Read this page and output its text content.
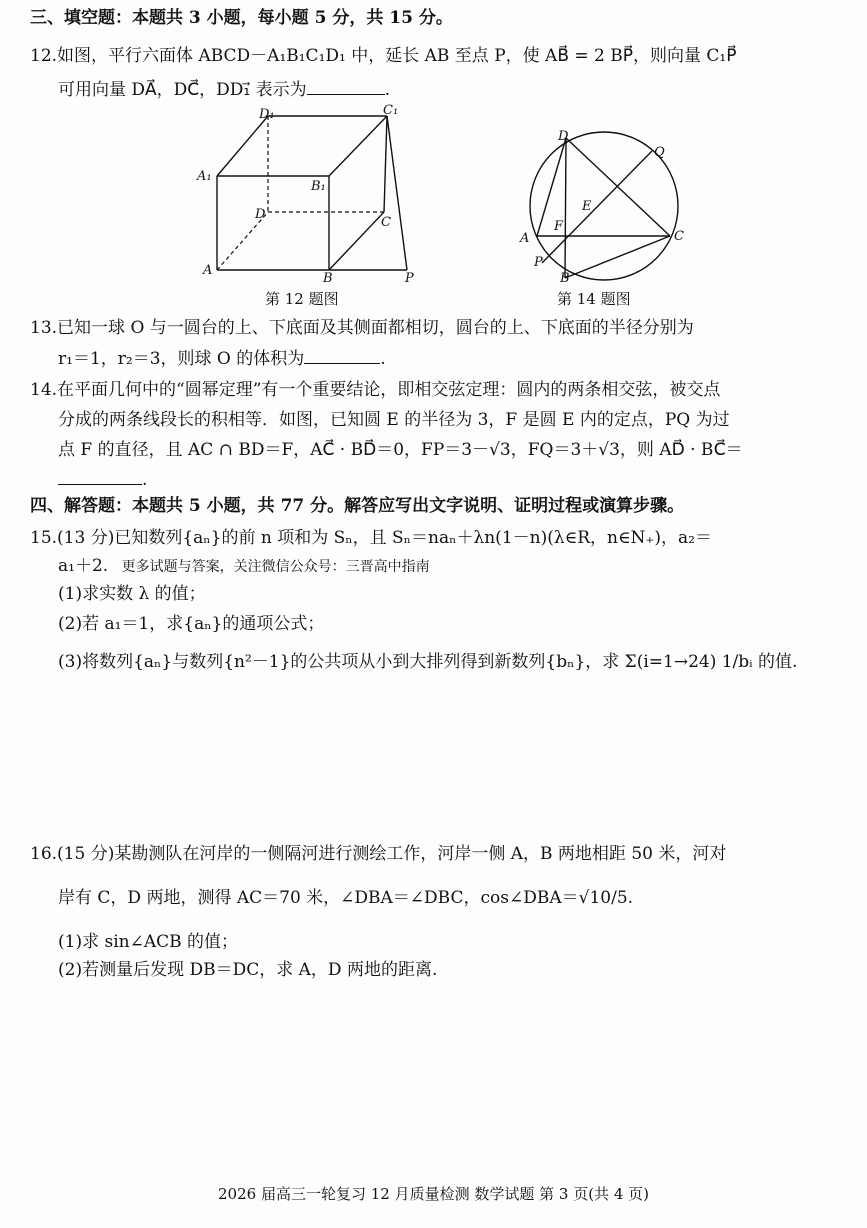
三、填空题：本题共 3 小题，每小题 5 分，共 15 分。
12.如图，平行六面体 ABCD－A₁B₁C₁D₁ 中，延长 AB 至点 P，使 AB⃗ = 2 BP⃗，则向量 C₁P⃗
可用向量 DA⃗，DC⃗，DD₁⃗ 表示为	.
D₁	C₁
A₁
B₁
D
C
A
B	P
第 12 题图
D
Q
E
F
A	C
P
B
第 14 题图
13.已知一球 O 与一圆台的上、下底面及其侧面都相切，圆台的上、下底面的半径分别为
r₁＝1，r₂＝3，则球 O 的体积为	.
14.在平面几何中的“圆幂定理”有一个重要结论，即相交弦定理：圆内的两条相交弦，被交点
分成的两条线段长的积相等．如图，已知圆 E 的半径为 3，F 是圆 E 内的定点，PQ 为过
点 F 的直径，且 AC ∩ BD＝F，AC⃗ · BD⃗＝0，FP＝3－√3，FQ＝3＋√3，则 AD⃗ · BC⃗＝
.
四、解答题：本题共 5 小题，共 77 分。解答应写出文字说明、证明过程或演算步骤。
15.(13 分)已知数列{aₙ}的前 n 项和为 Sₙ，且 Sₙ＝naₙ＋λn(1－n)(λ∈R，n∈N₊)，a₂＝
a₁＋2. 更多试题与答案，关注微信公众号：三晋高中指南
(1)求实数 λ 的值；
(2)若 a₁＝1，求{aₙ}的通项公式；
(3)将数列{aₙ}与数列{n²－1}的公共项从小到大排列得到新数列{bₙ}，求 Σ(i=1→24) 1/bᵢ 的值.
16.(15 分)某勘测队在河岸的一侧隔河进行测绘工作，河岸一侧 A，B 两地相距 50 米，河对
岸有 C，D 两地，测得 AC＝70 米，∠DBA＝∠DBC，cos∠DBA＝√10/5.
(1)求 sin∠ACB 的值；
(2)若测量后发现 DB＝DC，求 A，D 两地的距离.
2026 届高三一轮复习 12 月质量检测 数学试题 第 3 页(共 4 页)
